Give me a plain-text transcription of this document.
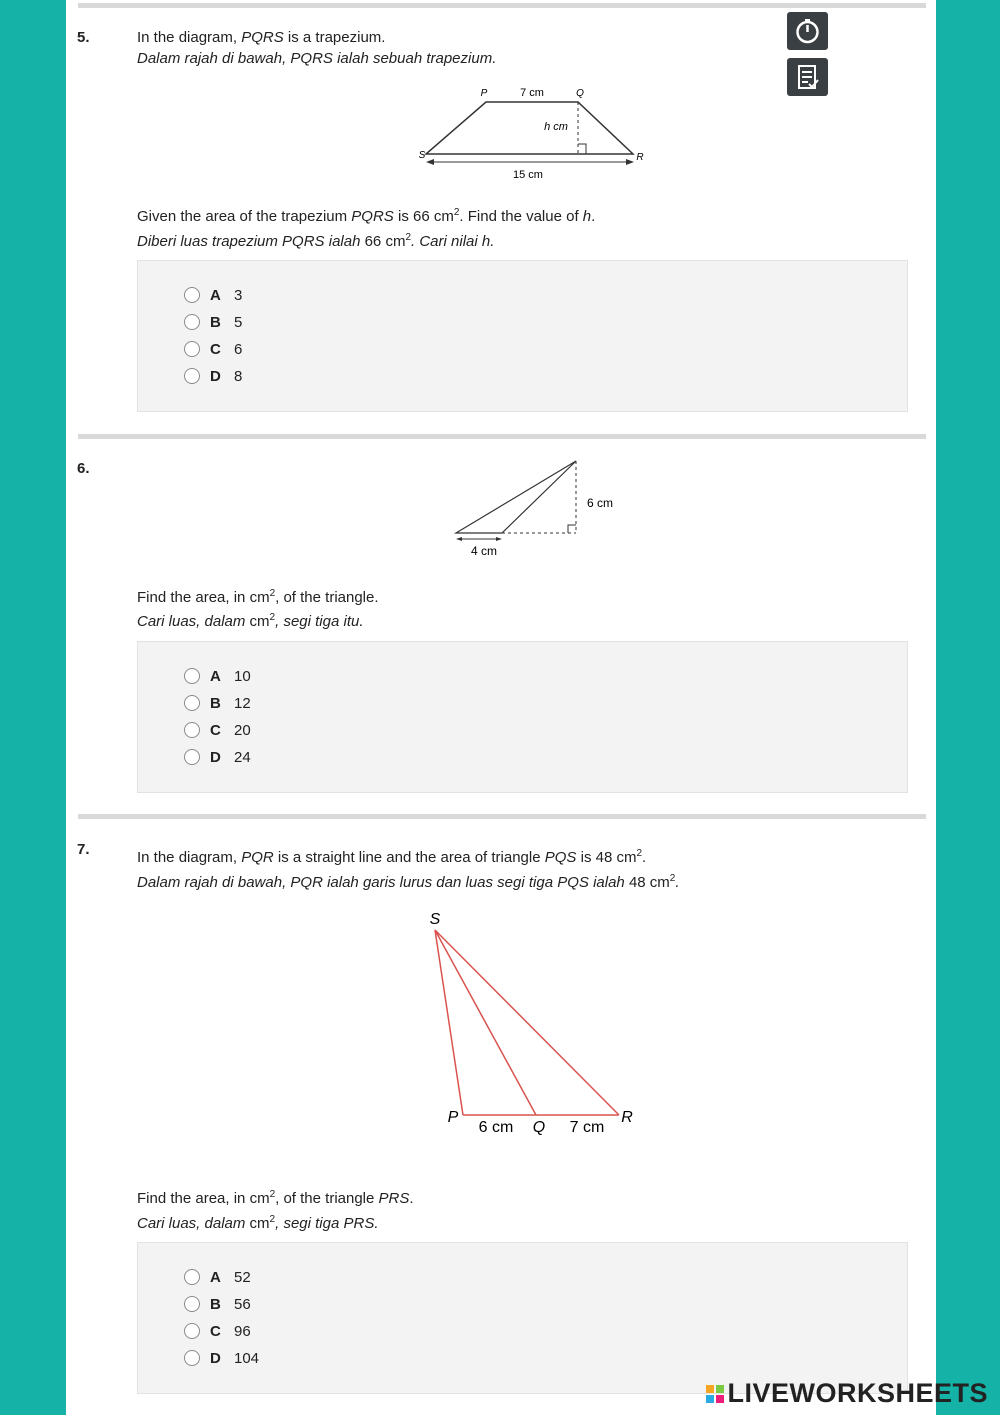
5.	In the diagram, PQRS is a trapezium.
Dalam rajah di bawah, PQRS ialah sebuah trapezium.
P	7 cm	Q
h cm
S	R
15 cm
Given the area of the trapezium PQRS is 66 $cm^2$. Find the value of h.
Diberi luas trapezium PQRS ialah 66 $cm^2$. Cari nilai h.
A 3
B 5
C 6
D 8
6.
6 cm
4 cm
Find the area, in $cm^2$, of the triangle.
Cari luas, dalam $cm^2$, segi tiga itu.
A 10
B 12
C 20
D 24
7.	In the diagram, PQR is a straight line and the area of triangle PQS is 48 $cm^2$.
Dalam rajah di bawah, PQR ialah garis lurus dan luas segi tiga PQS ialah 48 $cm^2$.
S
P
Q
R
6 cm	7 cm
Find the area, in $cm^2$, of the triangle PRS.
Cari luas, dalam $cm^2$, segi tiga PRS.
A 52
B 56
C 96
D 104
LIVEWORKSHEETS
